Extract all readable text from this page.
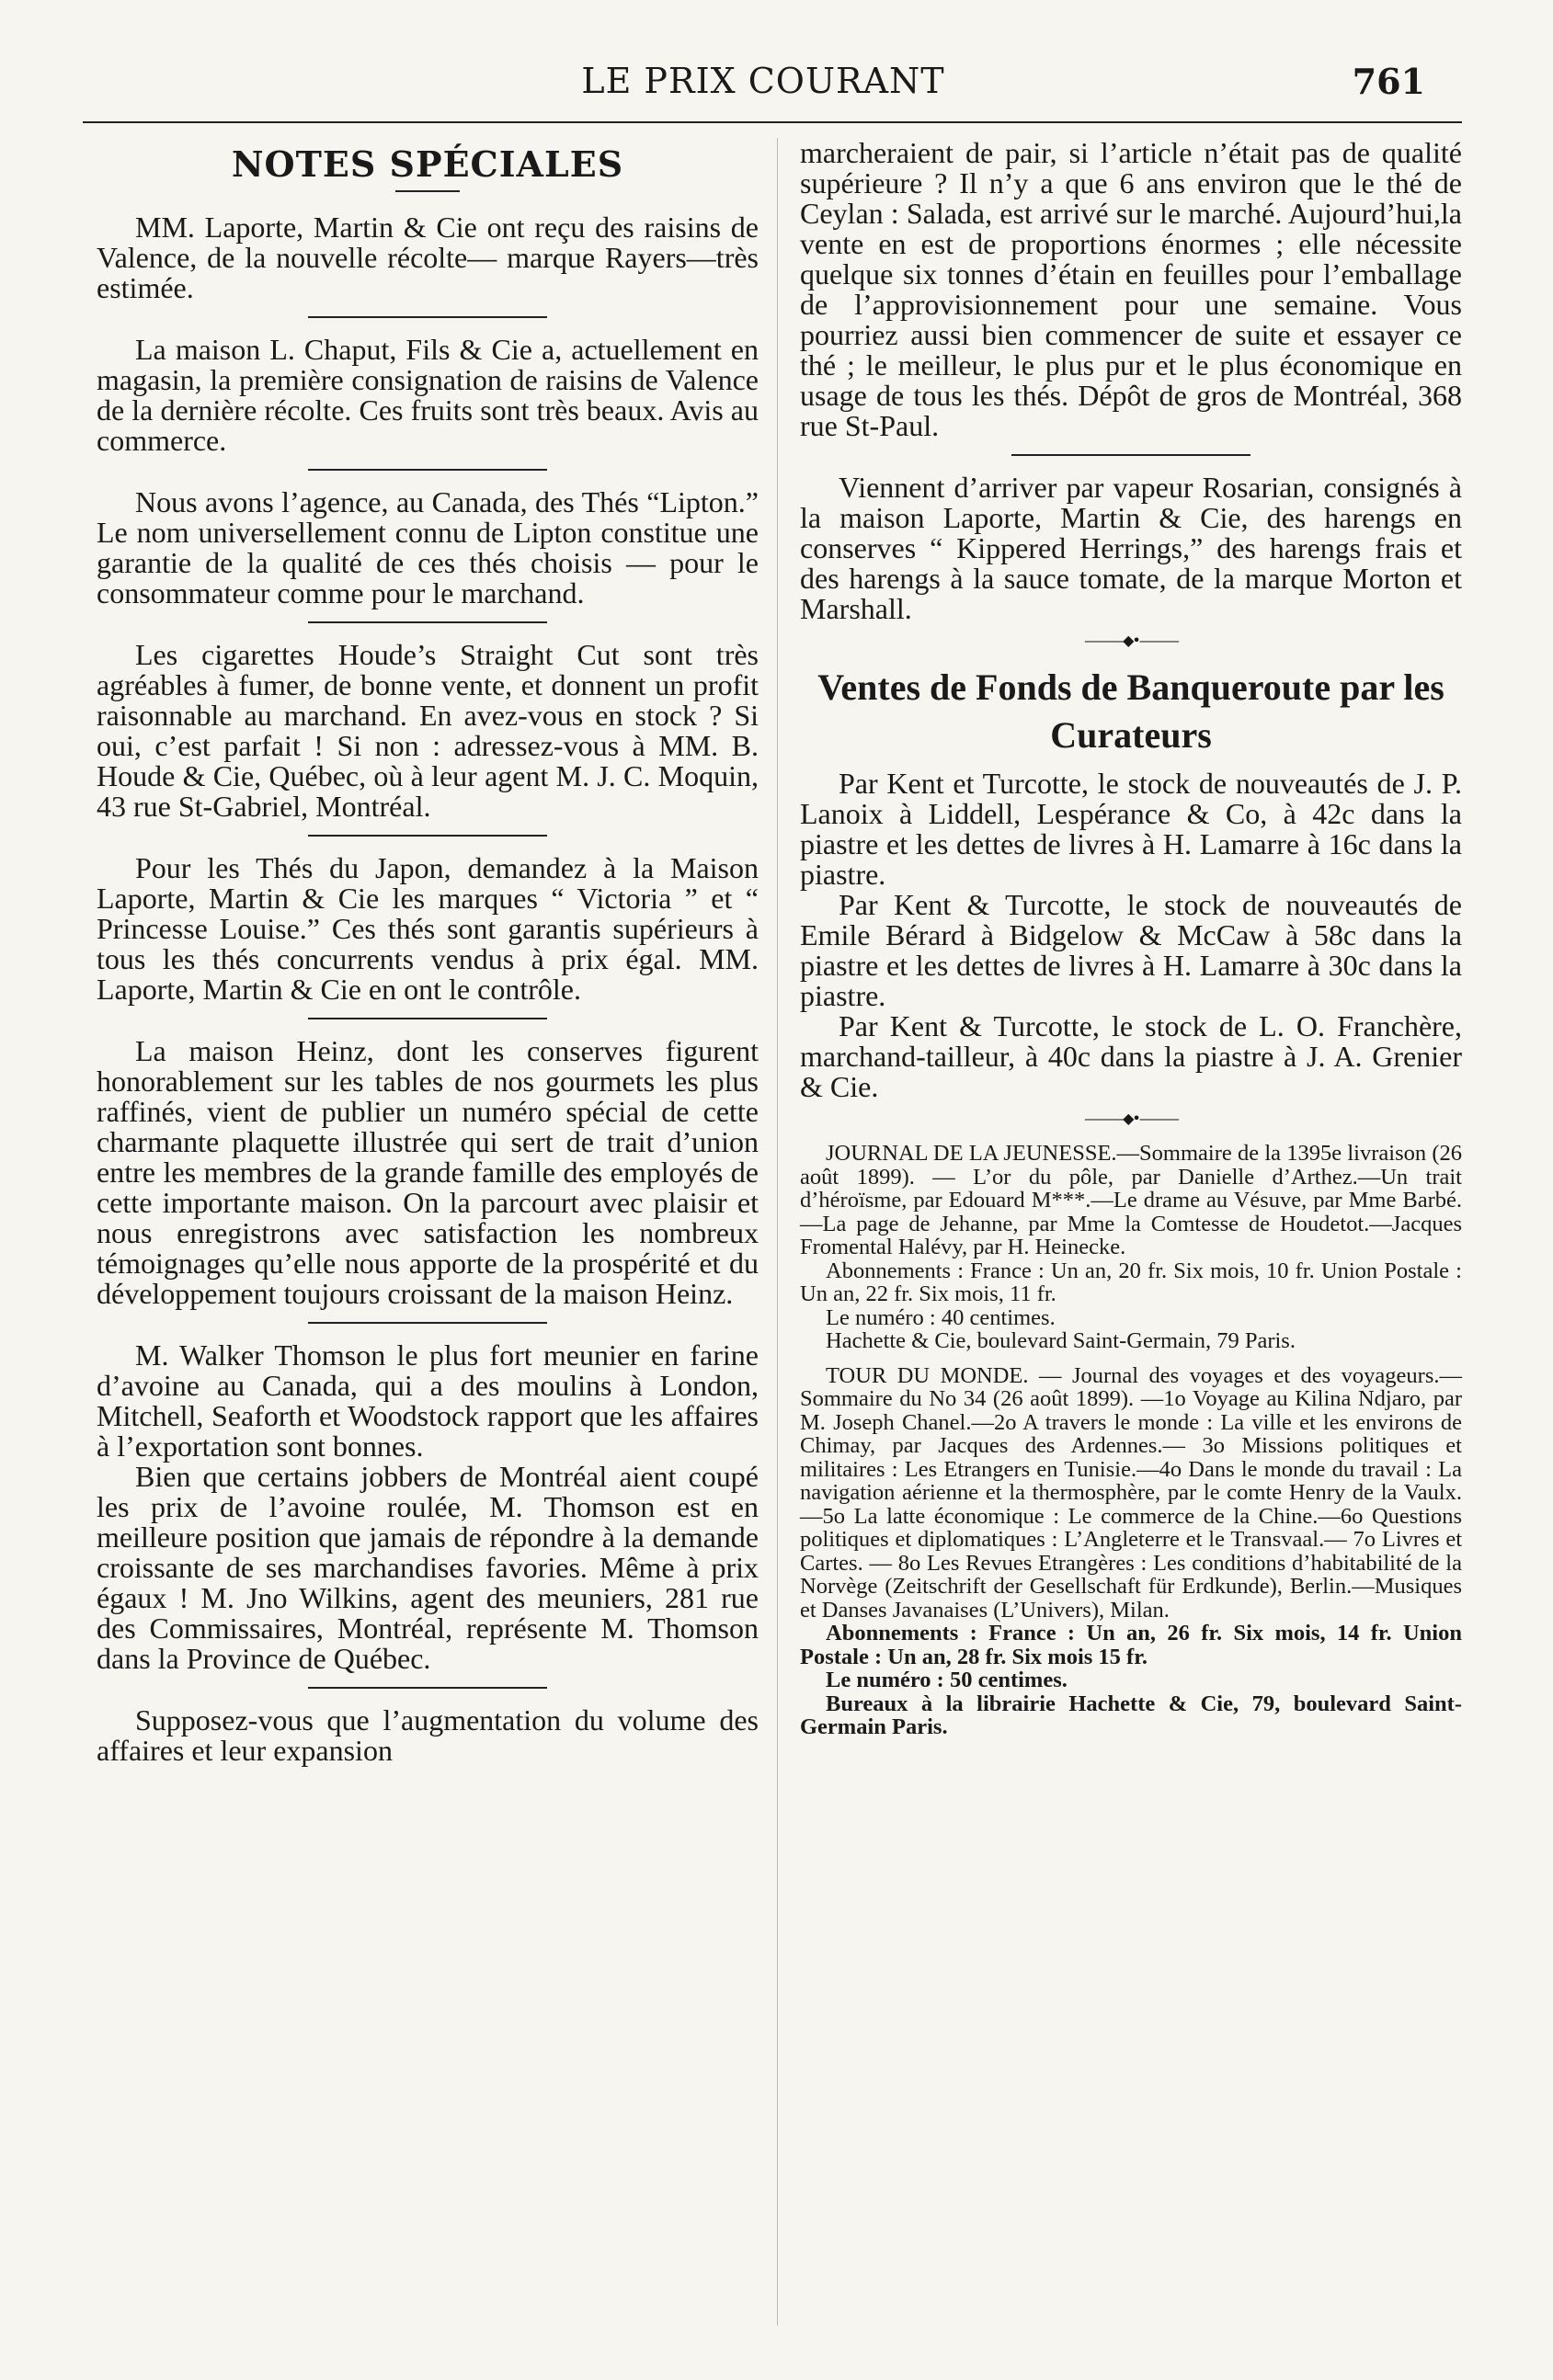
LE PRIX COURANT	761
NOTES SPÉCIALES

MM. Laporte, Martin & Cie ont reçu des raisins de Valence, de la nouvelle récolte— marque Rayers—très estimée.

La maison L. Chaput, Fils & Cie a, actuellement en magasin, la première consignation de raisins de Valence de la dernière récolte. Ces fruits sont très beaux. Avis au commerce.

Nous avons l’agence, au Canada, des Thés “Lipton.” Le nom universellement connu de Lipton constitue une garantie de la qualité de ces thés choisis — pour le consommateur comme pour le marchand.

Les cigarettes Houde’s Straight Cut sont très agréables à fumer, de bonne vente, et donnent un profit raisonnable au marchand. En avez-vous en stock ? Si oui, c’est parfait ! Si non : adressez-vous à MM. B. Houde & Cie, Québec, où à leur agent M. J. C. Moquin, 43 rue St-Gabriel, Montréal.

Pour les Thés du Japon, demandez à la Maison Laporte, Martin & Cie les marques “ Victoria ” et “ Princesse Louise.” Ces thés sont garantis supérieurs à tous les thés concurrents vendus à prix égal. MM. Laporte, Martin & Cie en ont le contrôle.

La maison Heinz, dont les conserves figurent honorablement sur les tables de nos gourmets les plus raffinés, vient de publier un numéro spécial de cette charmante plaquette illustrée qui sert de trait d’union entre les membres de la grande famille des employés de cette importante maison. On la parcourt avec plaisir et nous enregistrons avec satisfaction les nombreux témoignages qu’elle nous apporte de la prospérité et du développement toujours croissant de la maison Heinz.

M. Walker Thomson le plus fort meunier en farine d’avoine au Canada, qui a des moulins à London, Mitchell, Seaforth et Woodstock rapport que les affaires à l’exportation sont bonnes.

Bien que certains jobbers de Montréal aient coupé les prix de l’avoine roulée, M. Thomson est en meilleure position que jamais de répondre à la demande croissante de ses marchandises favories. Même à prix égaux ! M. Jno Wilkins, agent des meuniers, 281 rue des Commissaires, Montréal, représente M. Thomson dans la Province de Québec.

Supposez-vous que l’augmentation du volume des affaires et leur expansion

marcheraient de pair, si l’article n’était pas de qualité supérieure ? Il n’y a que 6 ans environ que le thé de Ceylan : Salada, est arrivé sur le marché. Aujourd’hui,la vente en est de proportions énormes ; elle nécessite quelque six tonnes d’étain en feuilles pour l’emballage de l’approvisionnement pour une semaine. Vous pourriez aussi bien commencer de suite et essayer ce thé ; le meilleur, le plus pur et le plus économique en usage de tous les thés. Dépôt de gros de Montréal, 368 rue St-Paul.

Viennent d’arriver par vapeur Rosarian, consignés à la maison Laporte, Martin & Cie, des harengs en conserves “ Kippered Herrings,” des harengs frais et des harengs à la sauce tomate, de la marque Morton et Marshall.

———◆•———
Ventes de Fonds de Banqueroute par les Curateurs

Par Kent et Turcotte, le stock de nouveautés de J. P. Lanoix à Liddell, Lespérance & Co, à 42c dans la piastre et les dettes de livres à H. Lamarre à 16c dans la piastre.

Par Kent & Turcotte, le stock de nouveautés de Emile Bérard à Bidgelow & McCaw à 58c dans la piastre et les dettes de livres à H. Lamarre à 30c dans la piastre.

Par Kent & Turcotte, le stock de L. O. Franchère, marchand-tailleur, à 40c dans la piastre à J. A. Grenier & Cie.

———◆•———

JOURNAL DE LA JEUNESSE.—Sommaire de la 1395e livraison (26 août 1899). — L’or du pôle, par Danielle d’Arthez.—Un trait d’héroïsme, par Edouard M***.—Le drame au Vésuve, par Mme Barbé.—La page de Jehanne, par Mme la Comtesse de Houdetot.—Jacques Fromental Halévy, par H. Heinecke.

Abonnements : France : Un an, 20 fr. Six mois, 10 fr. Union Postale : Un an, 22 fr. Six mois, 11 fr.

Le numéro : 40 centimes.

Hachette & Cie, boulevard Saint-Germain, 79 Paris.

TOUR DU MONDE. — Journal des voyages et des voyageurs.—Sommaire du No 34 (26 août 1899). —1o Voyage au Kilina Ndjaro, par M. Joseph Chanel.—2o A travers le monde : La ville et les environs de Chimay, par Jacques des Ardennes.— 3o Missions politiques et militaires : Les Etrangers en Tunisie.—4o Dans le monde du travail : La navigation aérienne et la thermosphère, par le comte Henry de la Vaulx.—5o La latte économique : Le commerce de la Chine.—6o Questions politiques et diplomatiques : L’Angleterre et le Transvaal.— 7o Livres et Cartes. — 8o Les Revues Etrangères : Les conditions d’habitabilité de la Norvège (Zeitschrift der Gesellschaft für Erdkunde), Berlin.—Musiques et Danses Javanaises (L’Univers), Milan.

Abonnements : France : Un an, 26 fr. Six mois, 14 fr. Union Postale : Un an, 28 fr. Six mois 15 fr.

Le numéro : 50 centimes.

Bureaux à la librairie Hachette & Cie, 79, boulevard Saint-Germain Paris.
